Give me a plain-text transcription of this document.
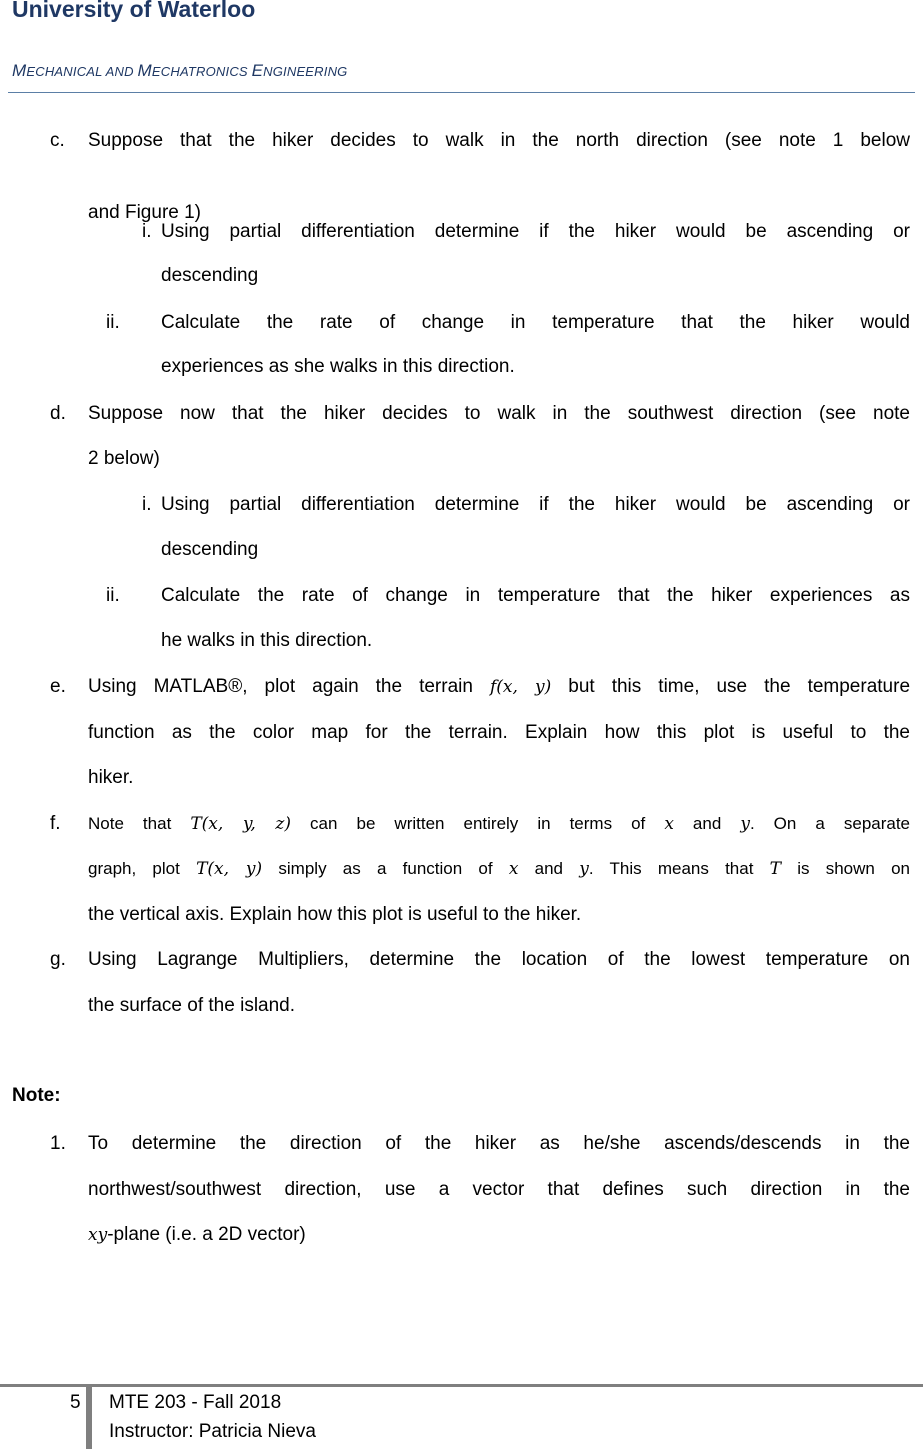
University of Waterloo
MECHANICAL AND MECHATRONICS ENGINEERING
c. Suppose that the hiker decides to walk in the north direction (see note 1 below
and Figure 1)
i. Using partial differentiation determine if the hiker would be ascending or
descending
ii. Calculate the rate of change in temperature that the hiker would
experiences as she walks in this direction.
d. Suppose now that the hiker decides to walk in the southwest direction (see note
2 below)
i. Using partial differentiation determine if the hiker would be ascending or
descending
ii. Calculate the rate of change in temperature that the hiker experiences as
he walks in this direction.
e. Using MATLAB®, plot again the terrain f(x, y) but this time, use the temperature
function as the color map for the terrain. Explain how this plot is useful to the
hiker.
f. Note that T(x, y, z) can be written entirely in terms of x and y. On a separate
graph, plot T(x, y) simply as a function of x and y. This means that T is shown on
the vertical axis. Explain how this plot is useful to the hiker.
g. Using Lagrange Multipliers, determine the location of the lowest temperature on
the surface of the island.
Note:
1. To determine the direction of the hiker as he/she ascends/descends in the
northwest/southwest direction, use a vector that defines such direction in the
xy-plane (i.e. a 2D vector)
5 MTE 203 - Fall 2018
Instructor: Patricia Nieva
